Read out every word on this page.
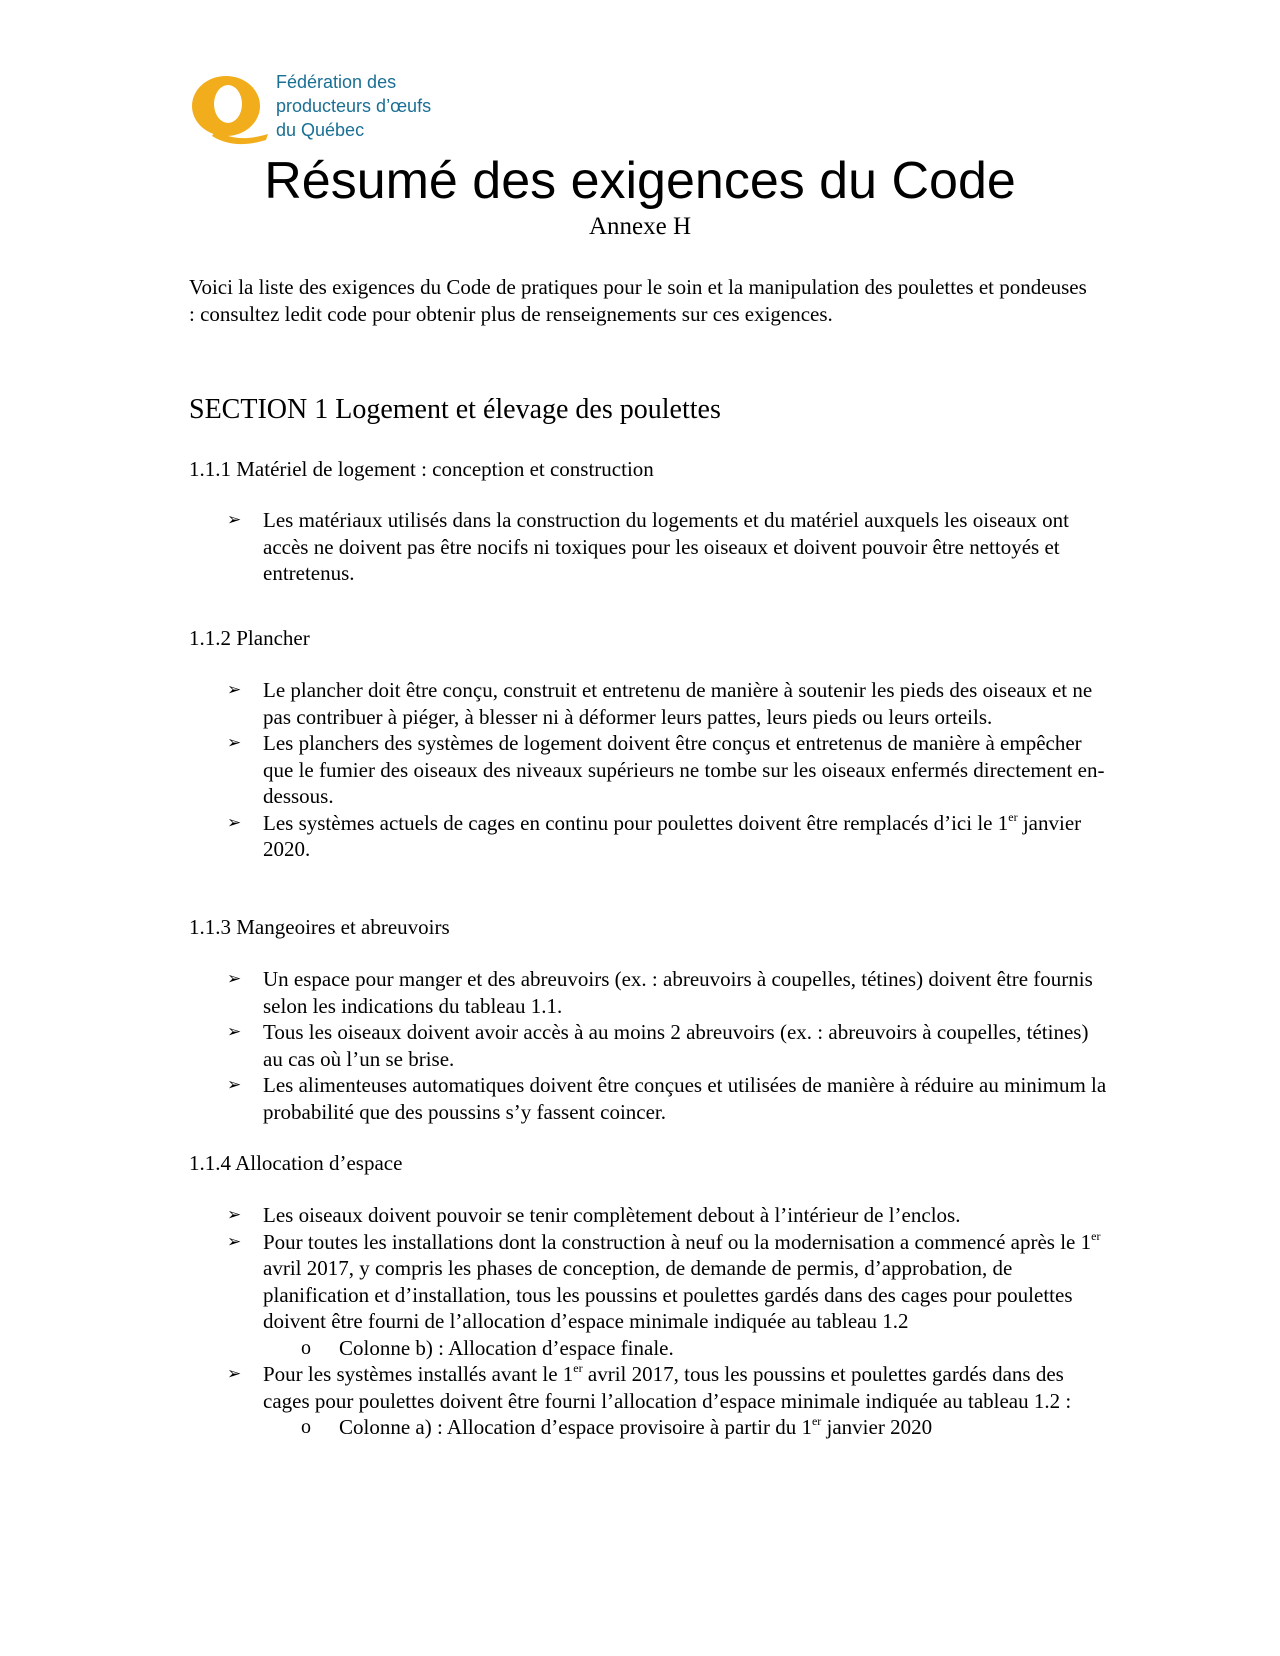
Fédération des
producteurs d’œufs
du Québec
Résumé des exigences du Code
Annexe H
Voici la liste des exigences du Code de pratiques pour le soin et la manipulation des poulettes et pondeuses : consultez ledit code pour obtenir plus de renseignements sur ces exigences.
SECTION 1 Logement et élevage des poulettes
1.1.1 Matériel de logement : conception et construction
➢ Les matériaux utilisés dans la construction du logements et du matériel auxquels les oiseaux ont accès ne doivent pas être nocifs ni toxiques pour les oiseaux et doivent pouvoir être nettoyés et entretenus.
1.1.2 Plancher
➢ Le plancher doit être conçu, construit et entretenu de manière à soutenir les pieds des oiseaux et ne pas contribuer à piéger, à blesser ni à déformer leurs pattes, leurs pieds ou leurs orteils.
➢ Les planchers des systèmes de logement doivent être conçus et entretenus de manière à empêcher que le fumier des oiseaux des niveaux supérieurs ne tombe sur les oiseaux enfermés directement en-dessous.
➢ Les systèmes actuels de cages en continu pour poulettes doivent être remplacés d’ici le 1er janvier 2020.
1.1.3 Mangeoires et abreuvoirs
➢ Un espace pour manger et des abreuvoirs (ex. : abreuvoirs à coupelles, tétines) doivent être fournis selon les indications du tableau 1.1.
➢ Tous les oiseaux doivent avoir accès à au moins 2 abreuvoirs (ex. : abreuvoirs à coupelles, tétines) au cas où l’un se brise.
➢ Les alimenteuses automatiques doivent être conçues et utilisées de manière à réduire au minimum la probabilité que des poussins s’y fassent coincer.
1.1.4 Allocation d’espace
➢ Les oiseaux doivent pouvoir se tenir complètement debout à l’intérieur de l’enclos.
➢ Pour toutes les installations dont la construction à neuf ou la modernisation a commencé après le 1er avril 2017, y compris les phases de conception, de demande de permis, d’approbation, de planification et d’installation, tous les poussins et poulettes gardés dans des cages pour poulettes doivent être fourni de l’allocation d’espace minimale indiquée au tableau 1.2
o Colonne b) : Allocation d’espace finale.
➢ Pour les systèmes installés avant le 1er avril 2017, tous les poussins et poulettes gardés dans des cages pour poulettes doivent être fourni l’allocation d’espace minimale indiquée au tableau 1.2 :
o Colonne a) : Allocation d’espace provisoire à partir du 1er janvier 2020
